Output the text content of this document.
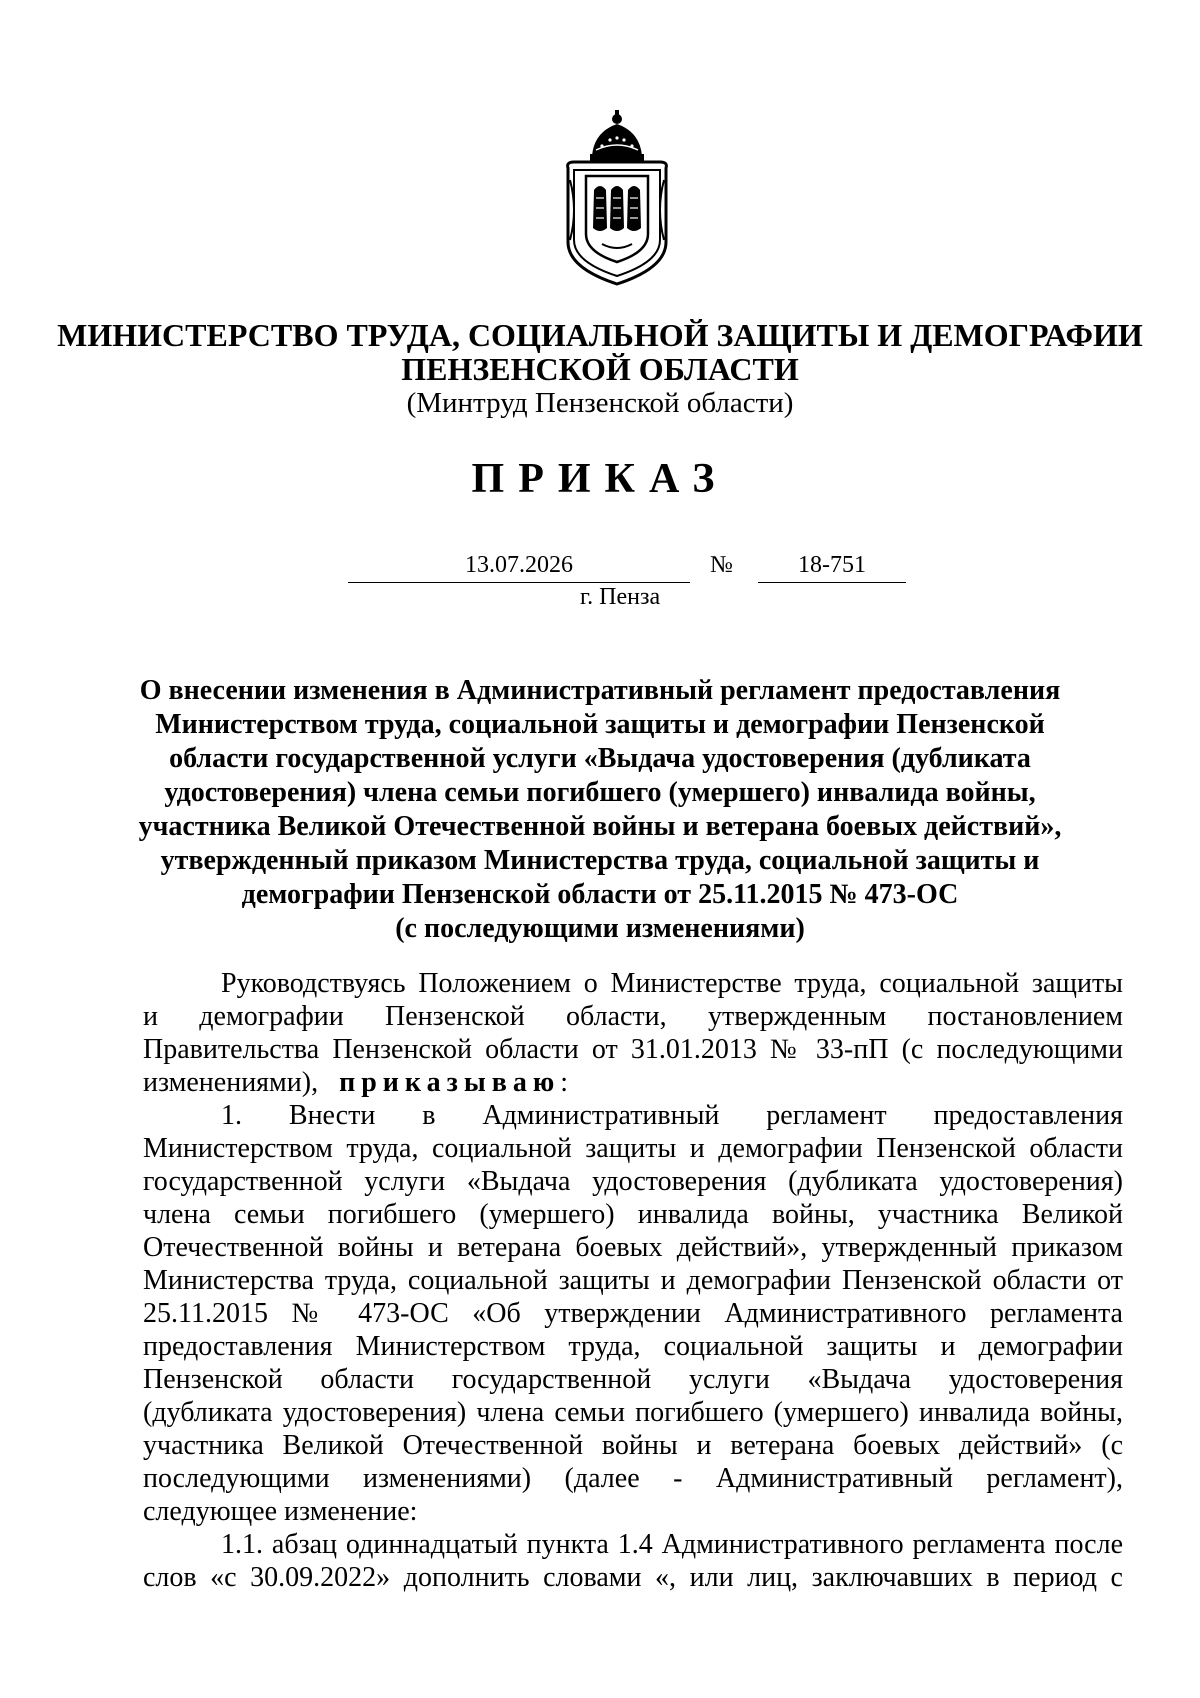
МИНИСТЕРСТВО ТРУДА, СОЦИАЛЬНОЙ ЗАЩИТЫ И ДЕМОГРАФИИ
ПЕНЗЕНСКОЙ ОБЛАСТИ
(Минтруд Пензенской области)
ПРИКАЗ
13.07.2026	№	18-751
г. Пенза
О внесении изменения в Административный регламент предоставления
Министерством труда, социальной защиты и демографии Пензенской
области государственной услуги «Выдача удостоверения (дубликата
удостоверения) члена семьи погибшего (умершего) инвалида войны,
участника Великой Отечественной войны и ветерана боевых действий»,
утвержденный приказом Министерства труда, социальной защиты и
демографии Пензенской области от 25.11.2015 № 473-ОС
(с последующими изменениями)

Руководствуясь Положением о Министерстве труда, социальной защиты
и демографии Пензенской области, утвержденным постановлением
Правительства Пензенской области от 31.01.2013 № 33-пП (с последующими
изменениями),   приказываю:

1. Внести в Административный регламент предоставления
Министерством труда, социальной защиты и демографии Пензенской области
государственной услуги «Выдача удостоверения (дубликата удостоверения)
члена семьи погибшего (умершего) инвалида войны, участника Великой
Отечественной войны и ветерана боевых действий», утвержденный приказом
Министерства труда, социальной защиты и демографии Пензенской области от
25.11.2015 № 473-ОС «Об утверждении Административного регламента
предоставления Министерством труда, социальной защиты и демографии
Пензенской области государственной услуги «Выдача удостоверения
(дубликата удостоверения) члена семьи погибшего (умершего) инвалида войны,
участника Великой Отечественной войны и ветерана боевых действий» (с
последующими изменениями) (далее - Административный регламент),
следующее изменение:

1.1. абзац одиннадцатый пункта 1.4 Административного регламента после
слов «с 30.09.2022» дополнить словами «, или лиц, заключавших в период с
